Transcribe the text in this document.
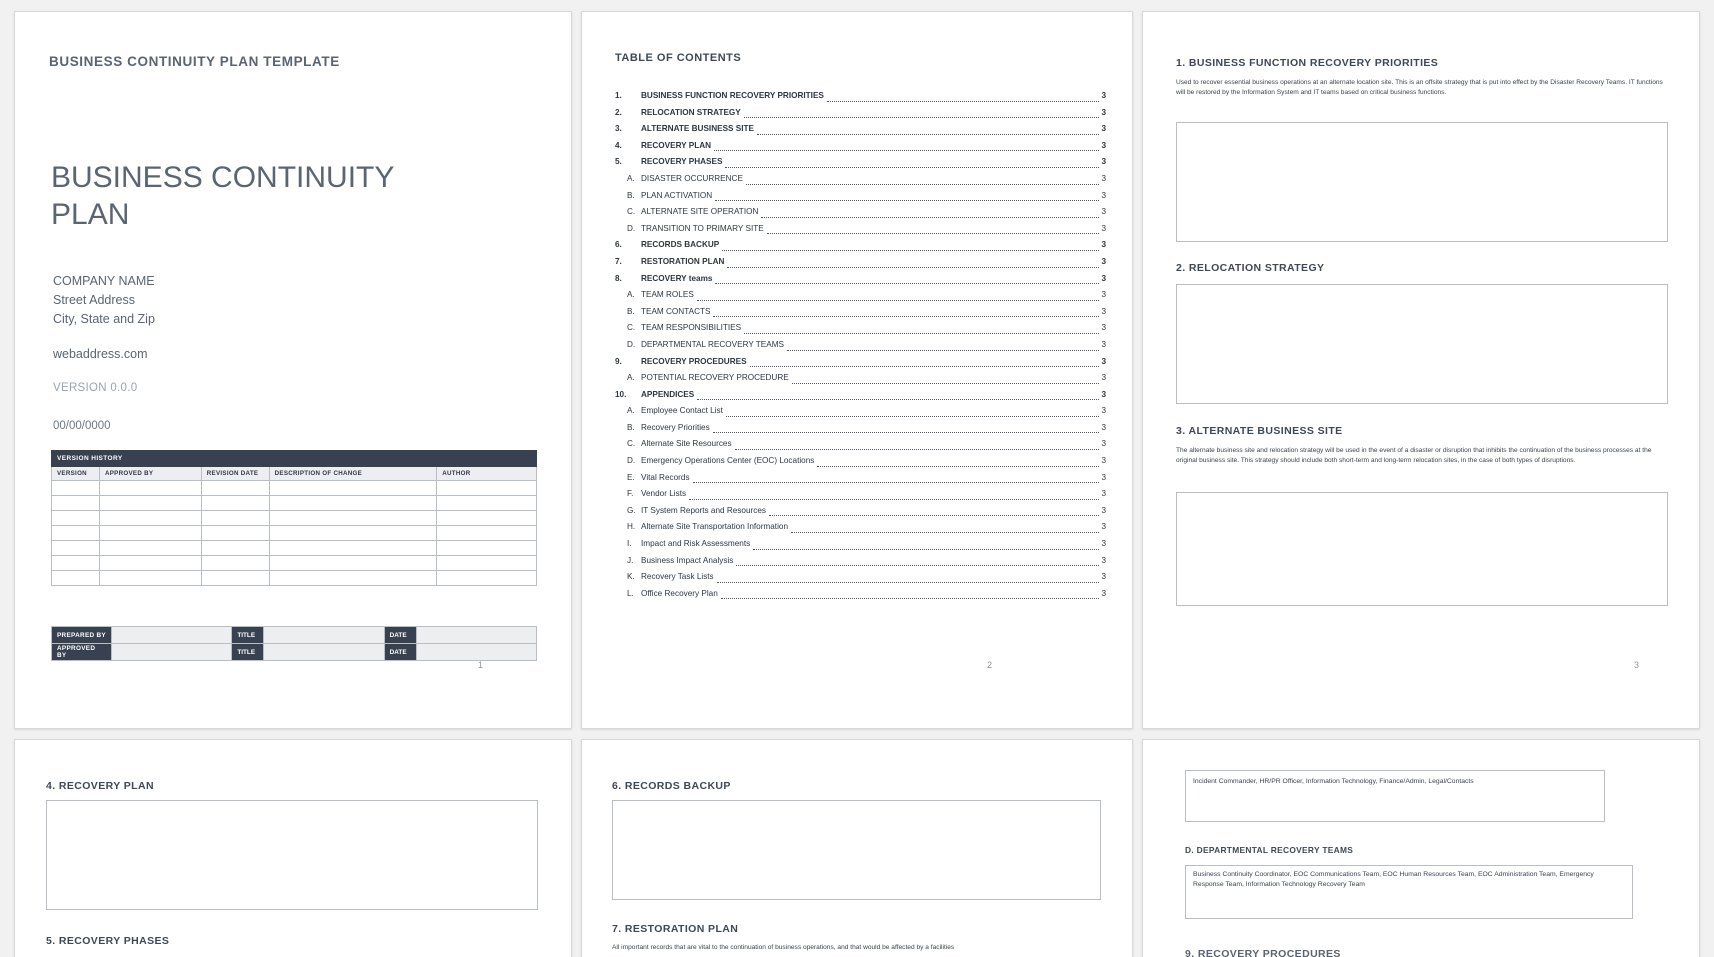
BUSINESS CONTINUITY PLAN TEMPLATE
BUSINESS CONTINUITY PLAN
COMPANY NAME
Street Address
City, State and Zip
webaddress.com
VERSION 0.0.0
00/00/0000
VERSION HISTORY				
VERSION	APPROVED BY	REVISION DATE	DESCRIPTION OF CHANGE	AUTHOR

PREPARED BY		TITLE		DATE	
APPROVED BY		TITLE		DATE	
1
TABLE OF CONTENTS
1.	BUSINESS FUNCTION RECOVERY PRIORITIES	3
2.	RELOCATION STRATEGY	3
3.	ALTERNATE BUSINESS SITE	3
4.	RECOVERY PLAN	3
5.	RECOVERY PHASES	3
A. DISASTER OCCURRENCE	3
B. PLAN ACTIVATION	3
C. ALTERNATE SITE OPERATION	3
D. TRANSITION TO PRIMARY SITE	3
6.	RECORDS BACKUP	3
7.	RESTORATION PLAN	3
8.	RECOVERY teams	3
A. TEAM ROLES	3
B. TEAM CONTACTS	3
C. TEAM RESPONSIBILITIES	3
D. DEPARTMENTAL RECOVERY TEAMS	3
9.	RECOVERY PROCEDURES	3
A. POTENTIAL RECOVERY PROCEDURE	3
10.	APPENDICES	3
A. Employee Contact List	3
B. Recovery Priorities	3
C. Alternate Site Resources	3
D. Emergency Operations Center (EOC) Locations	3
E. Vital Records	3
F. Vendor Lists	3
G. IT System Reports and Resources	3
H. Alternate Site Transportation Information	3
I.	Impact and Risk Assessments	3
J. Business Impact Analysis	3
K. Recovery Task Lists	3
L. Office Recovery Plan	3
2
1. BUSINESS FUNCTION RECOVERY PRIORITIES
Used to recover essential business operations at an alternate location site. This is an offsite strategy that is put into effect by the Disaster Recovery Teams. IT functions will be restored by the Information System and IT teams based on critical business functions.
2. RELOCATION STRATEGY
3. ALTERNATE BUSINESS SITE
The alternate business site and relocation strategy will be used in the event of a disaster or disruption that inhibits the continuation of the business processes at the original business site. This strategy should include both short-term and long-term relocation sites, in the case of both types of disruptions.
3
4. RECOVERY PLAN
5. RECOVERY PHASES
6. RECORDS BACKUP
7. RESTORATION PLAN
All important records that are vital to the continuation of business operations, and that would be affected by a facilities
Incident Commander, HR/PR Officer, Information Technology, Finance/Admin, Legal/Contacts
D. DEPARTMENTAL RECOVERY TEAMS
Business Continuity Coordinator, EOC Communications Team, EOC Human Resources Team, EOC Administration Team, Emergency Response Team, Information Technology Recovery Team
9. RECOVERY PROCEDURES
